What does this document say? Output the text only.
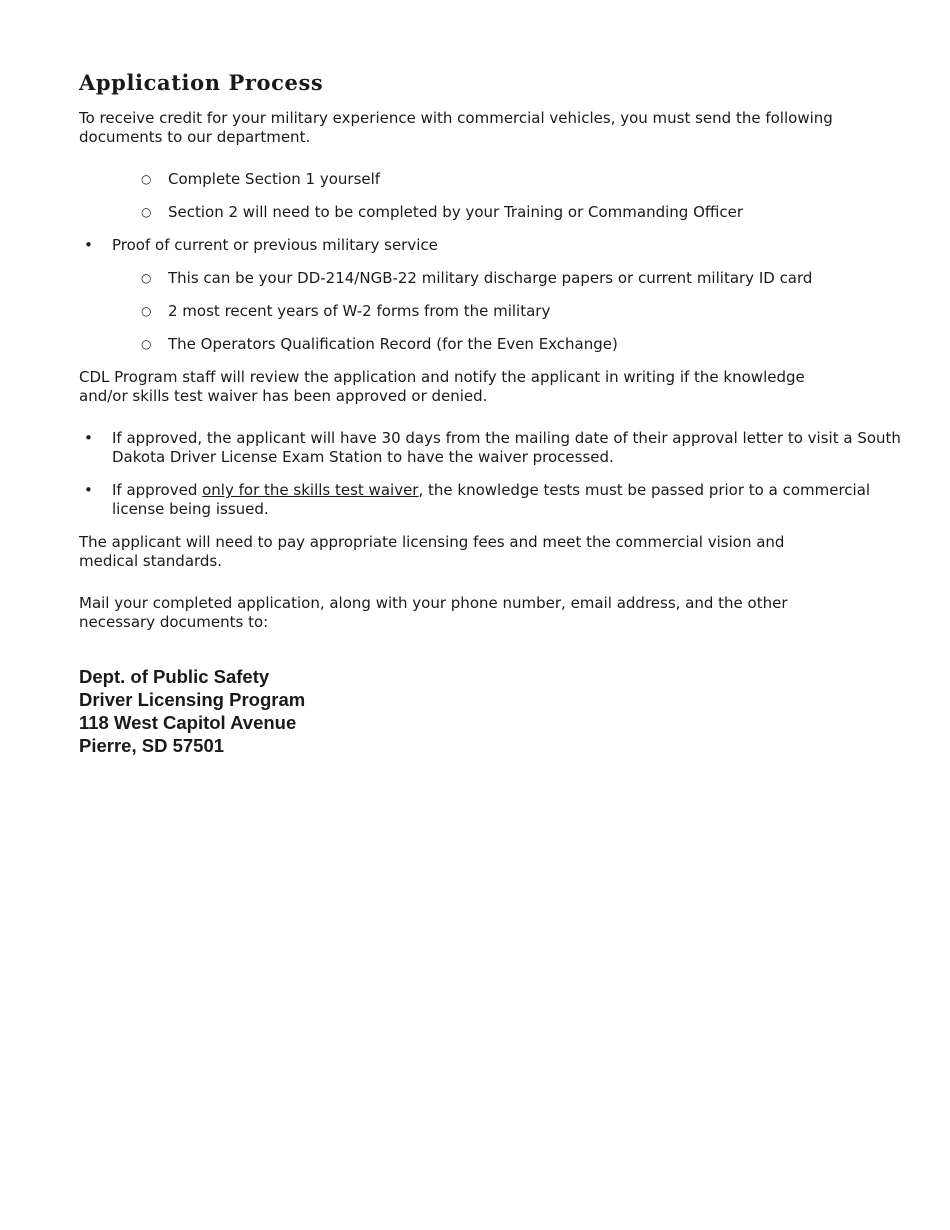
Application Process

To receive credit for your military experience with commercial vehicles, you must send the following documents to our department.

○ Complete Section 1 yourself
○ Section 2 will need to be completed by your Training or Commanding Officer
• Proof of current or previous military service
○ This can be your DD-214/NGB-22 military discharge papers or current military ID card
○ 2 most recent years of W-2 forms from the military
○ The Operators Qualification Record (for the Even Exchange)

CDL Program staff will review the application and notify the applicant in writing if the knowledge and/or skills test waiver has been approved or denied.

• If approved, the applicant will have 30 days from the mailing date of their approval letter to visit a South Dakota Driver License Exam Station to have the waiver processed.
• If approved only for the skills test waiver, the knowledge tests must be passed prior to a commercial license being issued.

The applicant will need to pay appropriate licensing fees and meet the commercial vision and medical standards.

Mail your completed application, along with your phone number, email address, and the other necessary documents to:

Dept. of Public Safety
Driver Licensing Program
118 West Capitol Avenue
Pierre, SD 57501
